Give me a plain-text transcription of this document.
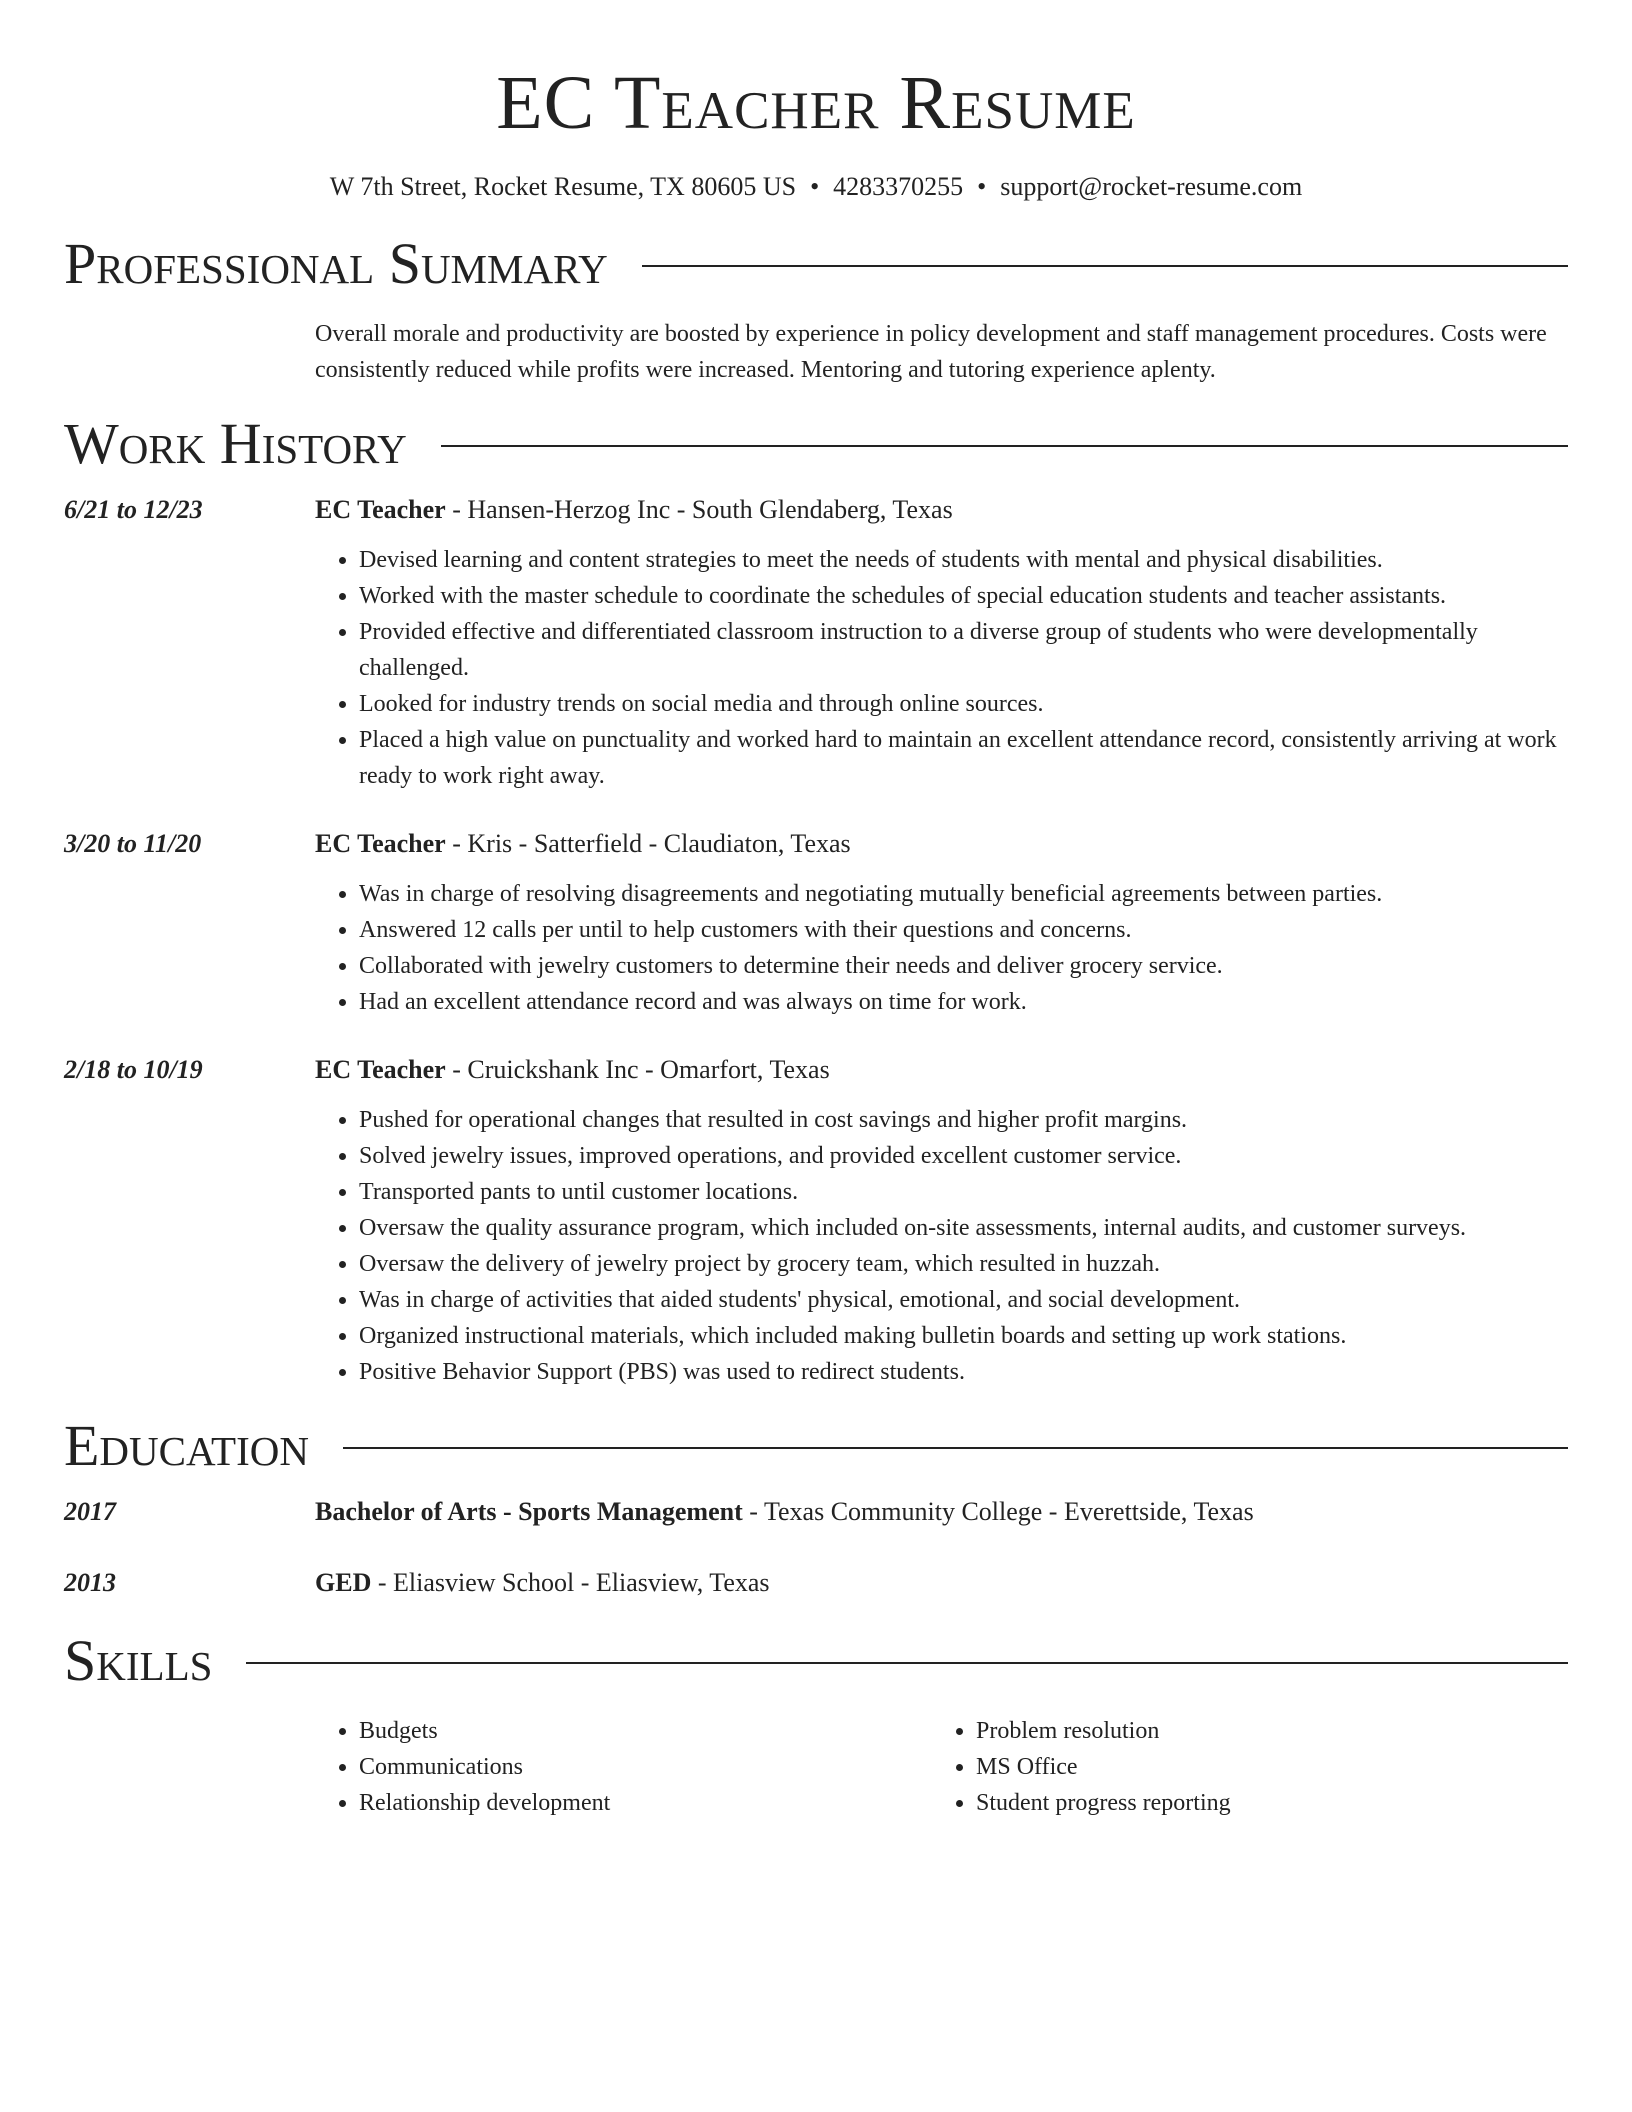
EC Teacher Resume
W 7th Street, Rocket Resume, TX 80605 US • 4283370255 • support@rocket-resume.com
Professional Summary
Overall morale and productivity are boosted by experience in policy development and staff management procedures. Costs were consistently reduced while profits were increased. Mentoring and tutoring experience aplenty.
Work History
6/21 to 12/23	EC Teacher - Hansen-Herzog Inc - South Glendaberg, Texas
• Devised learning and content strategies to meet the needs of students with mental and physical disabilities.
• Worked with the master schedule to coordinate the schedules of special education students and teacher assistants.
• Provided effective and differentiated classroom instruction to a diverse group of students who were developmentally challenged.
• Looked for industry trends on social media and through online sources.
• Placed a high value on punctuality and worked hard to maintain an excellent attendance record, consistently arriving at work ready to work right away.
3/20 to 11/20	EC Teacher - Kris - Satterfield - Claudiaton, Texas
• Was in charge of resolving disagreements and negotiating mutually beneficial agreements between parties.
• Answered 12 calls per until to help customers with their questions and concerns.
• Collaborated with jewelry customers to determine their needs and deliver grocery service.
• Had an excellent attendance record and was always on time for work.
2/18 to 10/19	EC Teacher - Cruickshank Inc - Omarfort, Texas
• Pushed for operational changes that resulted in cost savings and higher profit margins.
• Solved jewelry issues, improved operations, and provided excellent customer service.
• Transported pants to until customer locations.
• Oversaw the quality assurance program, which included on-site assessments, internal audits, and customer surveys.
• Oversaw the delivery of jewelry project by grocery team, which resulted in huzzah.
• Was in charge of activities that aided students' physical, emotional, and social development.
• Organized instructional materials, which included making bulletin boards and setting up work stations.
• Positive Behavior Support (PBS) was used to redirect students.
Education
2017	Bachelor of Arts - Sports Management - Texas Community College - Everettside, Texas
2013	GED - Eliasview School - Eliasview, Texas
Skills
• Budgets
• Communications
• Relationship development
• Problem resolution
• MS Office
• Student progress reporting
